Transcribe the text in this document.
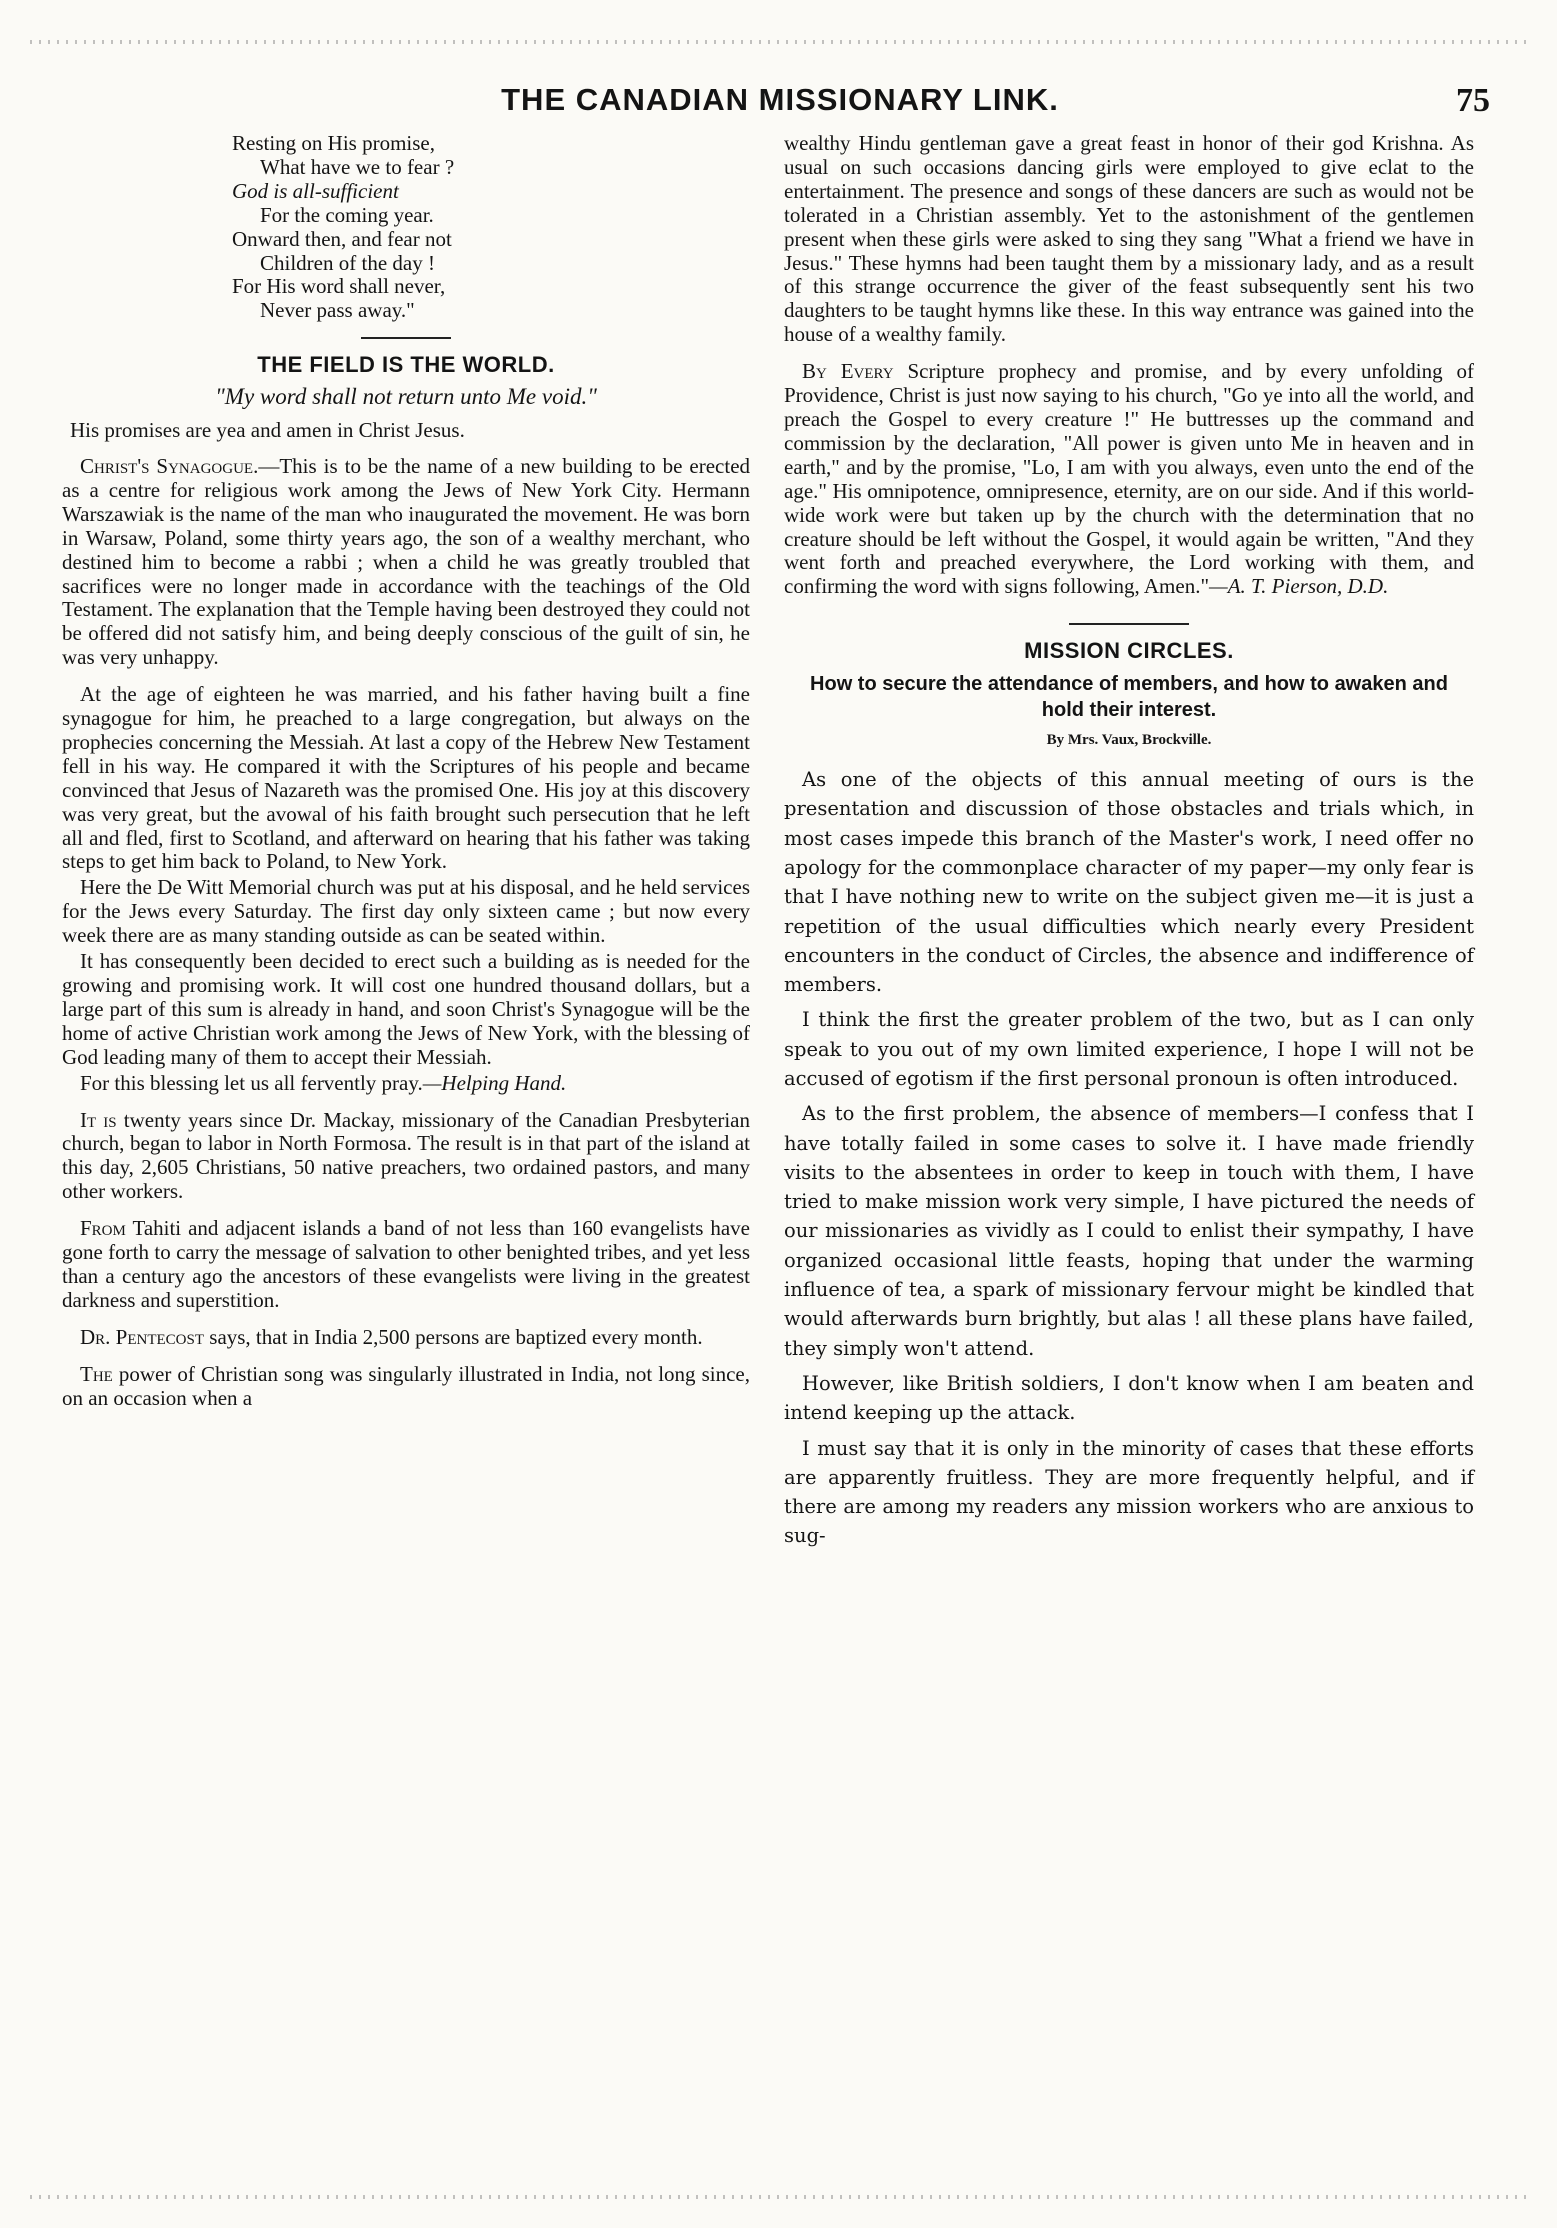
THE CANADIAN MISSIONARY LINK.	75
Resting on His promise,
What have we to fear ?
God is all-sufficient
For the coming year.
Onward then, and fear not
Children of the day !
For His word shall never,
Never pass away."
THE FIELD IS THE WORLD.
"My word shall not return unto Me void."
His promises are yea and amen in Christ Jesus.

Christ's Synagogue.—This is to be the name of a new building to be erected as a centre for religious work among the Jews of New York City. Hermann Warszawiak is the name of the man who inaugurated the movement. He was born in Warsaw, Poland, some thirty years ago, the son of a wealthy merchant, who destined him to become a rabbi ; when a child he was greatly troubled that sacrifices were no longer made in accordance with the teachings of the Old Testament. The explanation that the Temple having been destroyed they could not be offered did not satisfy him, and being deeply conscious of the guilt of sin, he was very unhappy.

At the age of eighteen he was married, and his father having built a fine synagogue for him, he preached to a large congregation, but always on the prophecies concerning the Messiah. At last a copy of the Hebrew New Testament fell in his way. He compared it with the Scriptures of his people and became convinced that Jesus of Nazareth was the promised One. His joy at this discovery was very great, but the avowal of his faith brought such persecution that he left all and fled, first to Scotland, and afterward on hearing that his father was taking steps to get him back to Poland, to New York.

Here the De Witt Memorial church was put at his disposal, and he held services for the Jews every Saturday. The first day only sixteen came ; but now every week there are as many standing outside as can be seated within.

It has consequently been decided to erect such a building as is needed for the growing and promising work. It will cost one hundred thousand dollars, but a large part of this sum is already in hand, and soon Christ's Synagogue will be the home of active Christian work among the Jews of New York, with the blessing of God leading many of them to accept their Messiah.

For this blessing let us all fervently pray.—Helping Hand.

It is twenty years since Dr. Mackay, missionary of the Canadian Presbyterian church, began to labor in North Formosa. The result is in that part of the island at this day, 2,605 Christians, 50 native preachers, two ordained pastors, and many other workers.

From Tahiti and adjacent islands a band of not less than 160 evangelists have gone forth to carry the message of salvation to other benighted tribes, and yet less than a century ago the ancestors of these evangelists were living in the greatest darkness and superstition.

Dr. Pentecost says, that in India 2,500 persons are baptized every month.

The power of Christian song was singularly illustrated in India, not long since, on an occasion when a

wealthy Hindu gentleman gave a great feast in honor of their god Krishna. As usual on such occasions dancing girls were employed to give eclat to the entertainment. The presence and songs of these dancers are such as would not be tolerated in a Christian assembly. Yet to the astonishment of the gentlemen present when these girls were asked to sing they sang "What a friend we have in Jesus." These hymns had been taught them by a missionary lady, and as a result of this strange occurrence the giver of the feast subsequently sent his two daughters to be taught hymns like these. In this way entrance was gained into the house of a wealthy family.

By Every Scripture prophecy and promise, and by every unfolding of Providence, Christ is just now saying to his church, "Go ye into all the world, and preach the Gospel to every creature !" He buttresses up the command and commission by the declaration, "All power is given unto Me in heaven and in earth," and by the promise, "Lo, I am with you always, even unto the end of the age." His omnipotence, omnipresence, eternity, are on our side. And if this world-wide work were but taken up by the church with the determination that no creature should be left without the Gospel, it would again be written, "And they went forth and preached everywhere, the Lord working with them, and confirming the word with signs following, Amen."—A. T. Pierson, D.D.

MISSION CIRCLES.
How to secure the attendance of members, and how to awaken and hold their interest.
By Mrs. Vaux, Brockville.

As one of the objects of this annual meeting of ours is the presentation and discussion of those obstacles and trials which, in most cases impede this branch of the Master's work, I need offer no apology for the commonplace character of my paper—my only fear is that I have nothing new to write on the subject given me—it is just a repetition of the usual difficulties which nearly every President encounters in the conduct of Circles, the absence and indifference of members.

I think the first the greater problem of the two, but as I can only speak to you out of my own limited experience, I hope I will not be accused of egotism if the first personal pronoun is often introduced.

As to the first problem, the absence of members—I confess that I have totally failed in some cases to solve it. I have made friendly visits to the absentees in order to keep in touch with them, I have tried to make mission work very simple, I have pictured the needs of our missionaries as vividly as I could to enlist their sympathy, I have organized occasional little feasts, hoping that under the warming influence of tea, a spark of missionary fervour might be kindled that would afterwards burn brightly, but alas ! all these plans have failed, they simply won't attend.

However, like British soldiers, I don't know when I am beaten and intend keeping up the attack.

I must say that it is only in the minority of cases that these efforts are apparently fruitless. They are more frequently helpful, and if there are among my readers any mission workers who are anxious to sug-
